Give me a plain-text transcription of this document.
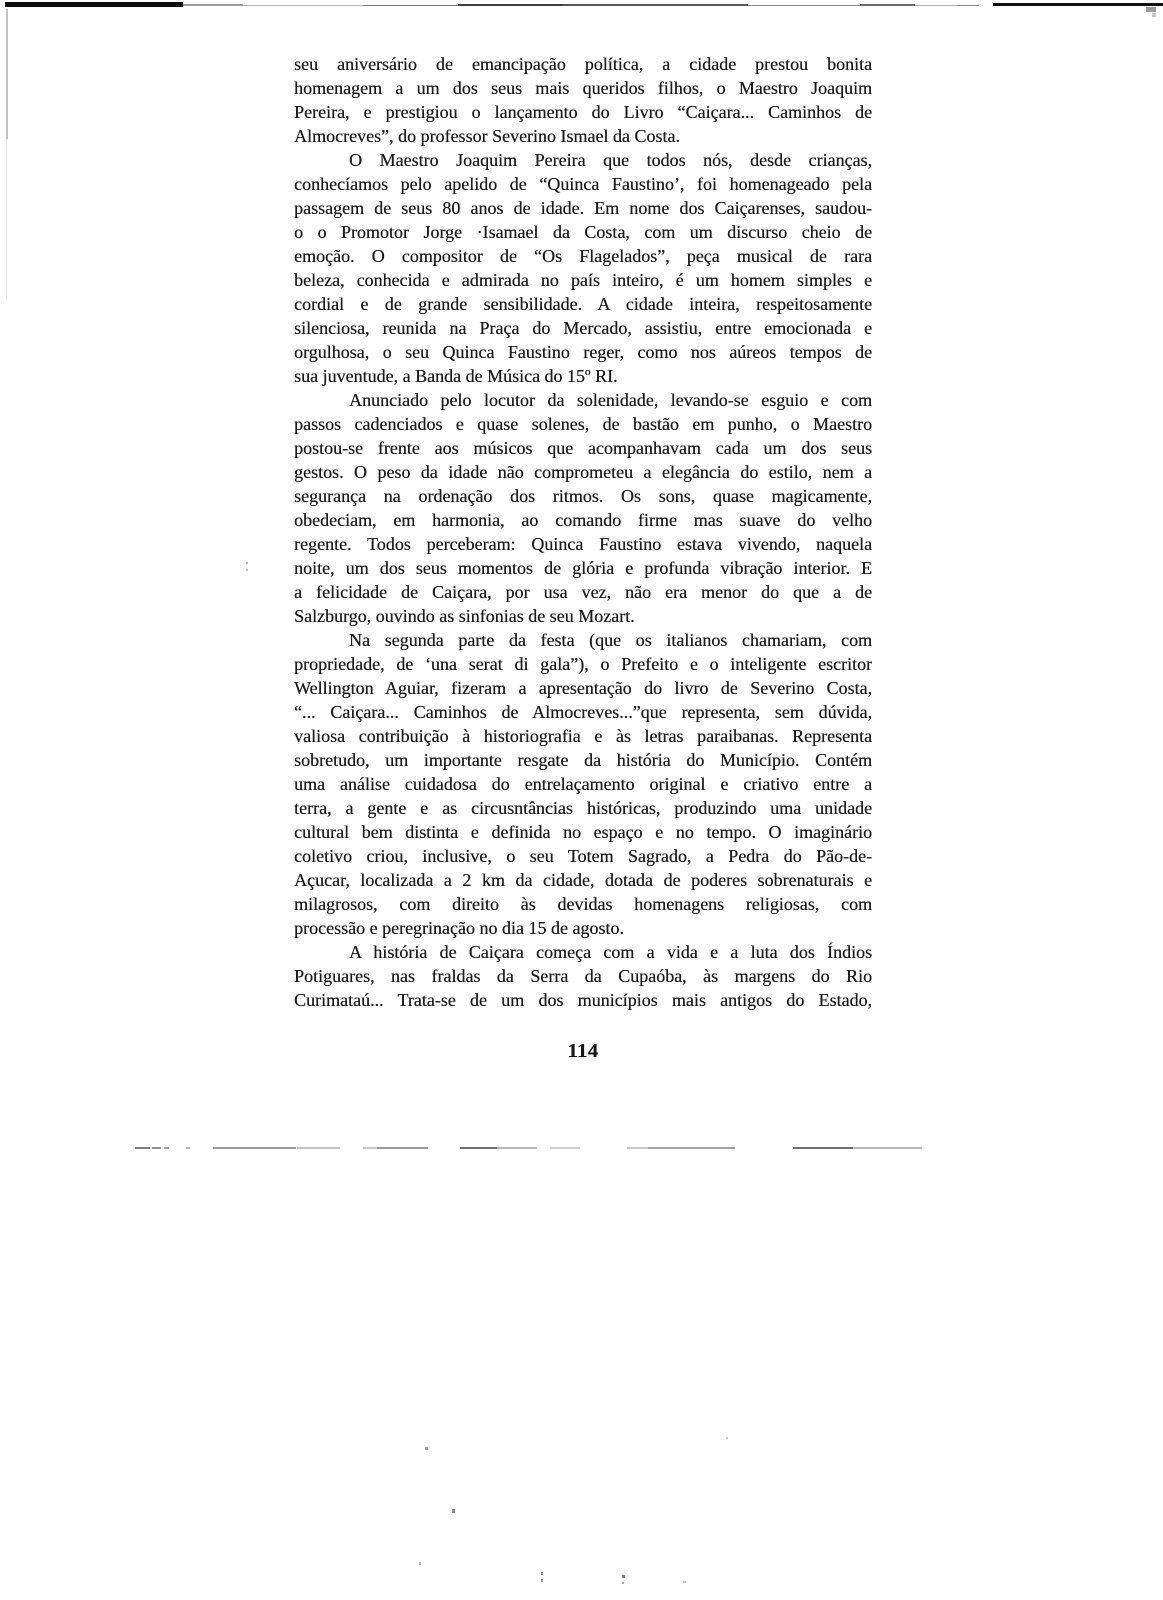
seu aniversário de emancipação política, a cidade prestou bonita
homenagem a um dos seus mais queridos filhos, o Maestro Joaquim
Pereira, e prestigiou o lançamento do Livro “Caiçara... Caminhos de
Almocreves”, do professor Severino Ismael da Costa.
O Maestro Joaquim Pereira que todos nós, desde crianças,
conhecíamos pelo apelido de “Quinca Faustino’, foi homenageado pela
passagem de seus 80 anos de idade. Em nome dos Caiçarenses, saudou-
o o Promotor Jorge ·Isamael da Costa, com um discurso cheio de
emoção. O compositor de “Os Flagelados”, peça musical de rara
beleza, conhecida e admirada no país inteiro, é um homem simples e
cordial e de grande sensibilidade. A cidade inteira, respeitosamente
silenciosa, reunida na Praça do Mercado, assistiu, entre emocionada e
orgulhosa, o seu Quinca Faustino reger, como nos aúreos tempos de
sua juventude, a Banda de Música do 15º RI.
Anunciado pelo locutor da solenidade, levando-se esguio e com
passos cadenciados e quase solenes, de bastão em punho, o Maestro
postou-se frente aos músicos que acompanhavam cada um dos seus
gestos. O peso da idade não comprometeu a elegância do estilo, nem a
segurança na ordenação dos ritmos. Os sons, quase magicamente,
obedeciam, em harmonia, ao comando firme mas suave do velho
regente. Todos perceberam: Quinca Faustino estava vivendo, naquela
noite, um dos seus momentos de glória e profunda vibração interior. E
a felicidade de Caiçara, por usa vez, não era menor do que a de
Salzburgo, ouvindo as sinfonias de seu Mozart.
Na segunda parte da festa (que os italianos chamariam, com
propriedade, de ‘una serat di gala”), o Prefeito e o inteligente escritor
Wellington Aguiar, fizeram a apresentação do livro de Severino Costa,
“... Caiçara... Caminhos de Almocreves...”que representa, sem dúvida,
valiosa contribuição à historiografia e às letras paraibanas. Representa
sobretudo, um importante resgate da história do Município. Contém
uma análise cuidadosa do entrelaçamento original e criativo entre a
terra, a gente e as circusntâncias históricas, produzindo uma unidade
cultural bem distinta e definida no espaço e no tempo. O imaginário
coletivo criou, inclusive, o seu Totem Sagrado, a Pedra do Pão-de-
Açucar, localizada a 2 km da cidade, dotada de poderes sobrenaturais e
milagrosos, com direito às devidas homenagens religiosas, com
processão e peregrinação no dia 15 de agosto.
A história de Caiçara começa com a vida e a luta dos Índios
Potiguares, nas fraldas da Serra da Cupaóba, às margens do Rio
Curimataú... Trata-se de um dos municípios mais antigos do Estado,
114
